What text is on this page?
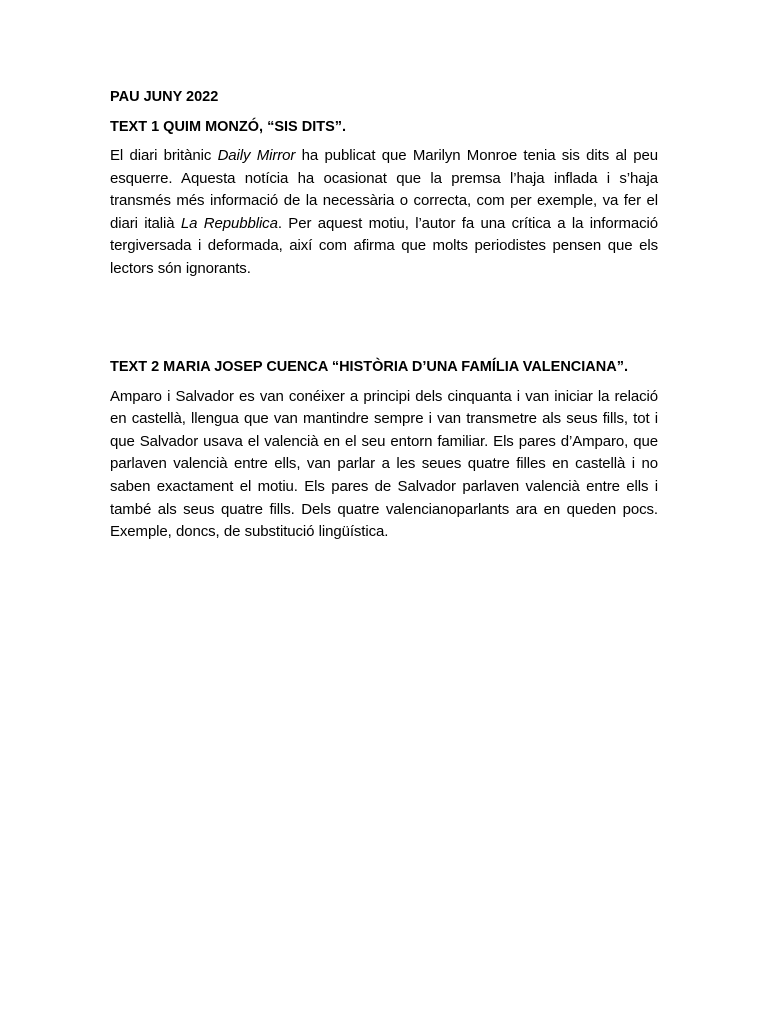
PAU JUNY 2022

TEXT 1 QUIM MONZÓ, “SIS DITS”.

El diari britànic Daily Mirror ha publicat que Marilyn Monroe tenia sis dits al peu esquerre. Aquesta notícia ha ocasionat que la premsa l’haja inflada i s’haja transmés més informació de la necessària o correcta, com per exemple, va fer el diari italià La Repubblica. Per aquest motiu, l’autor fa una crítica a la informació tergiversada i deformada, així com afirma que molts periodistes pensen que els lectors són ignorants.

TEXT 2 MARIA JOSEP CUENCA “HISTÒRIA D’UNA FAMÍLIA VALENCIANA”.

Amparo i Salvador es van conéixer a principi dels cinquanta i van iniciar la relació en castellà, llengua que van mantindre sempre i van transmetre als seus fills, tot i que Salvador usava el valencià en el seu entorn familiar. Els pares d’Amparo, que parlaven valencià entre ells, van parlar a les seues quatre filles en castellà i no saben exactament el motiu. Els pares de Salvador parlaven valencià entre ells i també als seus quatre fills. Dels quatre valencianoparlants ara en queden pocs. Exemple, doncs, de substitució lingüística.
